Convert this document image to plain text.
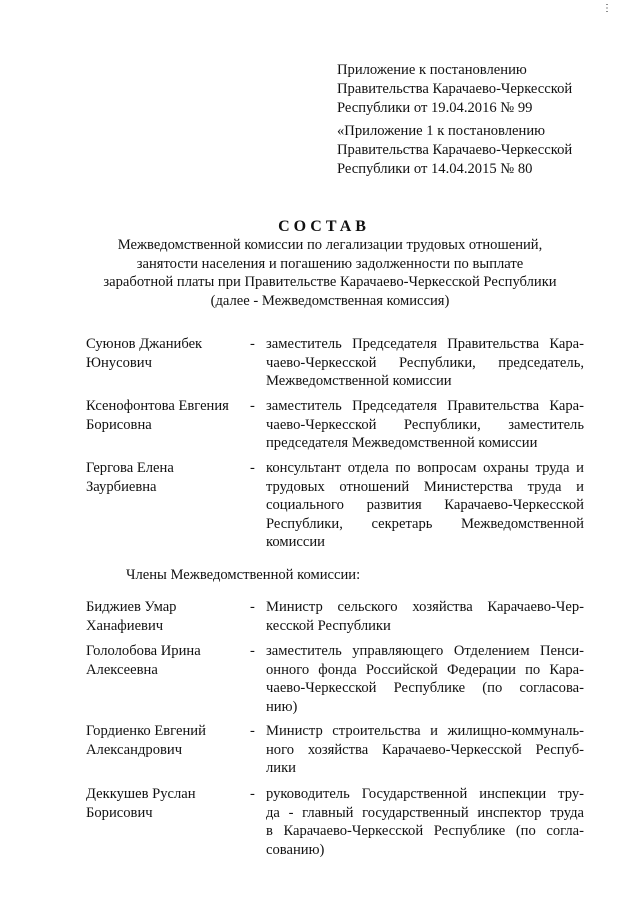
⋮
Приложение к постановлению
Правительства Карачаево-Черкесской
Республики от 19.04.2016 № 99
«Приложение 1 к постановлению
Правительства Карачаево-Черкесской
Республики от 14.04.2015 № 80
СОСТАВ
Межведомственной комиссии по легализации трудовых отношений,
занятости населения и погашению задолженности по выплате
заработной платы при Правительстве Карачаево-Черкесской Республики
(далее - Межведомственная комиссия)
Суюнов Джанибек
Юнусович
- заместитель Председателя Правительства Кара-
чаево-Черкесской Республики, председатель,
Межведомственной комиссии
Ксенофонтова Евгения
Борисовна
- заместитель Председателя Правительства Кара-
чаево-Черкесской Республики, заместитель
председателя Межведомственной комиссии
Гергова Елена
Заурбиевна
- консультант отдела по вопросам охраны труда и
трудовых отношений Министерства труда и
социального развития Карачаево-Черкесской
Республики, секретарь Межведомственной
комиссии
Члены Межведомственной комиссии:
Биджиев Умар
Ханафиевич
- Министр сельского хозяйства Карачаево-Чер-
кесской Республики
Гололобова Ирина
Алексеевна
- заместитель управляющего Отделением Пенси-
онного фонда Российской Федерации по Кара-
чаево-Черкесской Республике (по согласова-
нию)
Гордиенко Евгений
Александрович
- Министр строительства и жилищно-коммуналь-
ного хозяйства Карачаево-Черкесской Респуб-
лики
Деккушев Руслан
Борисович
- руководитель Государственной инспекции тру-
да - главный государственный инспектор труда
в Карачаево-Черкесской Республике (по согла-
сованию)
